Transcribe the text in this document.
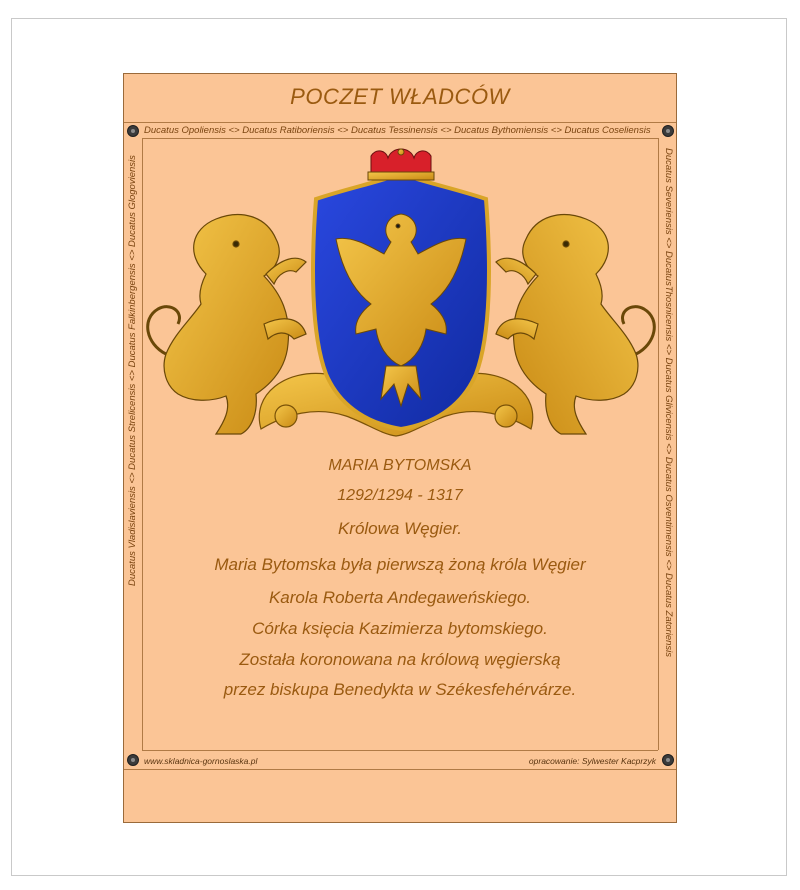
POCZET WŁADCÓW
Ducatus Opoliensis <> Ducatus Ratiboriensis <> Ducatus Tessinensis <> Ducatus Bythomiensis <> Ducatus Coseliensis
Ducatus Vladislaviensis <> Ducatus Strelicensis <> Ducatus Falkinbergensis <> Ducatus Glogoviensis	Ducatus Severiensis <> DucatusThosnicensis <> Ducatus Glivicensis <> Ducatus Osventimensis <> Ducatus Zatoriensis
MARIA BYTOMSKA
1292/1294 - 1317
Królowa Węgier.
Maria Bytomska była pierwszą żoną króla Węgier
Karola Roberta Andegaweńskiego.
Córka księcia Kazimierza bytomskiego.
Została koronowana na królową węgierską
przez biskupa Benedykta w Székesfehérvárze.
www.skladnica-gornoslaska.pl	opracowanie: Sylwester Kacprzyk
